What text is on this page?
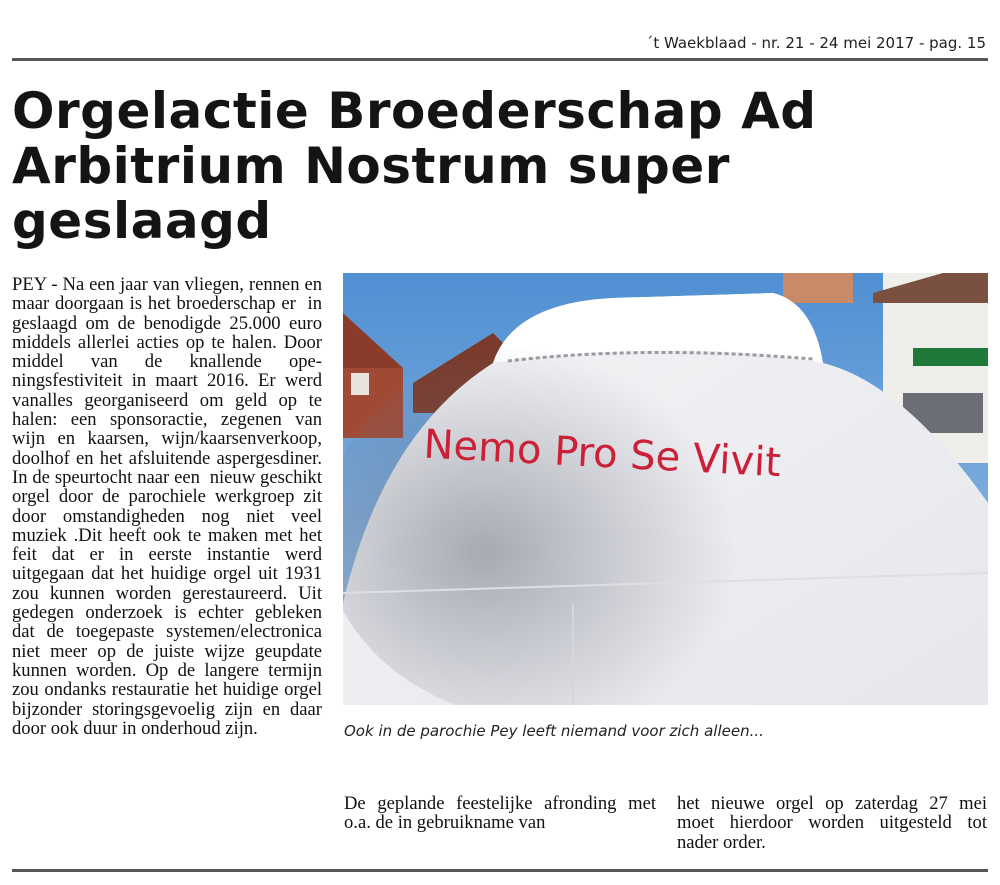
´t Waekblaad - nr. 21 - 24 mei 2017 - pag. 15
Orgelactie Broederschap Ad Arbitrium Nostrum super geslaagd

PEY - Na een jaar van vliegen, rennen en maar doorgaan is het broederschap er  in geslaagd om de benodigde 25.000 euro middels allerlei acties op te halen. Door middel van de knallende openingsfestiviteit in maart 2016. Er werd vanalles georganiseerd om geld op te halen: een sponsoractie, zegenen van wijn en kaarsen, wijn/kaarsenverkoop, doolhof en het afsluitende aspergesdiner. In de speurtocht naar een  nieuw geschikt orgel door de parochiele werkgroep zit door omstandigheden nog niet veel muziek .Dit heeft ook te maken met het feit dat er in eerste instantie werd uitgegaan dat het huidige orgel uit 1931 zou kunnen worden gerestaureerd. Uit gedegen onderzoek is echter gebleken dat de toegepaste systemen/electronica niet meer op de juiste wijze geupdate kunnen worden. Op de langere termijn zou ondanks restauratie het huidige orgel bijzonder storingsgevoelig zijn en daar door ook duur in onderhoud zijn.

Nemo Pro Se Vivit
Ook in de parochie Pey leeft niemand voor zich alleen...

De geplande feestelijke afronding met o.a. de in gebruikname van

het nieuwe orgel op zaterdag 27 mei moet hierdoor worden uitgesteld tot nader order.
